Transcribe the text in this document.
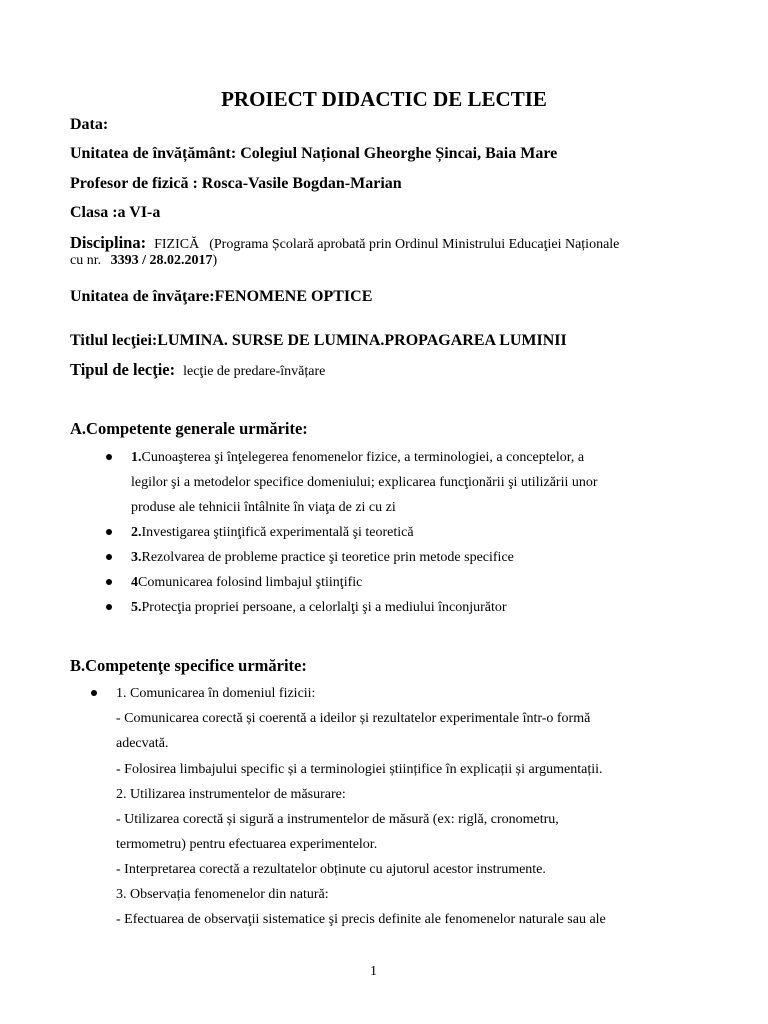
PROIECT DIDACTIC DE LECTIE
Data:
Unitatea de învățământ: Colegiul Național Gheorghe Șincai, Baia Mare
Profesor de fizică : Rosca-Vasile Bogdan-Marian
Clasa :a VI-a
Disciplina: FIZICĂ (Programa Școlară aprobată prin Ordinul Ministrului Educaţiei Naționale
cu nr. 3393 / 28.02.2017)
Unitatea de învăţare:FENOMENE OPTICE
Titlul lecţiei:LUMINA. SURSE DE LUMINA.PROPAGAREA LUMINII
Tipul de lecţie: lecţie de predare-învățare
A.Competente generale urmărite:
1.Cunoaşterea şi înţelegerea fenomenelor fizice, a terminologiei, a conceptelor, a
legilor şi a metodelor specifice domeniului; explicarea funcţionării şi utilizării unor
produse ale tehnicii întâlnite în viaţa de zi cu zi
2.Investigarea ştiinţifică experimentală şi teoretică
3.Rezolvarea de probleme practice şi teoretice prin metode specifice
4Comunicarea folosind limbajul ştiinţific
5.Protecţia propriei persoane, a celorlalţi şi a mediului înconjurător
B.Competenţe specifice urmărite:
1. Comunicarea în domeniul fizicii:
- Comunicarea corectă și coerentă a ideilor și rezultatelor experimentale într-o formă
adecvată.
- Folosirea limbajului specific și a terminologiei științifice în explicații și argumentații.
2. Utilizarea instrumentelor de măsurare:
- Utilizarea corectă și sigură a instrumentelor de măsură (ex: riglă, cronometru,
termometru) pentru efectuarea experimentelor.
- Interpretarea corectă a rezultatelor obținute cu ajutorul acestor instrumente.
3. Observația fenomenelor din natură:
- Efectuarea de observaţii sistematice şi precis definite ale fenomenelor naturale sau ale
1
